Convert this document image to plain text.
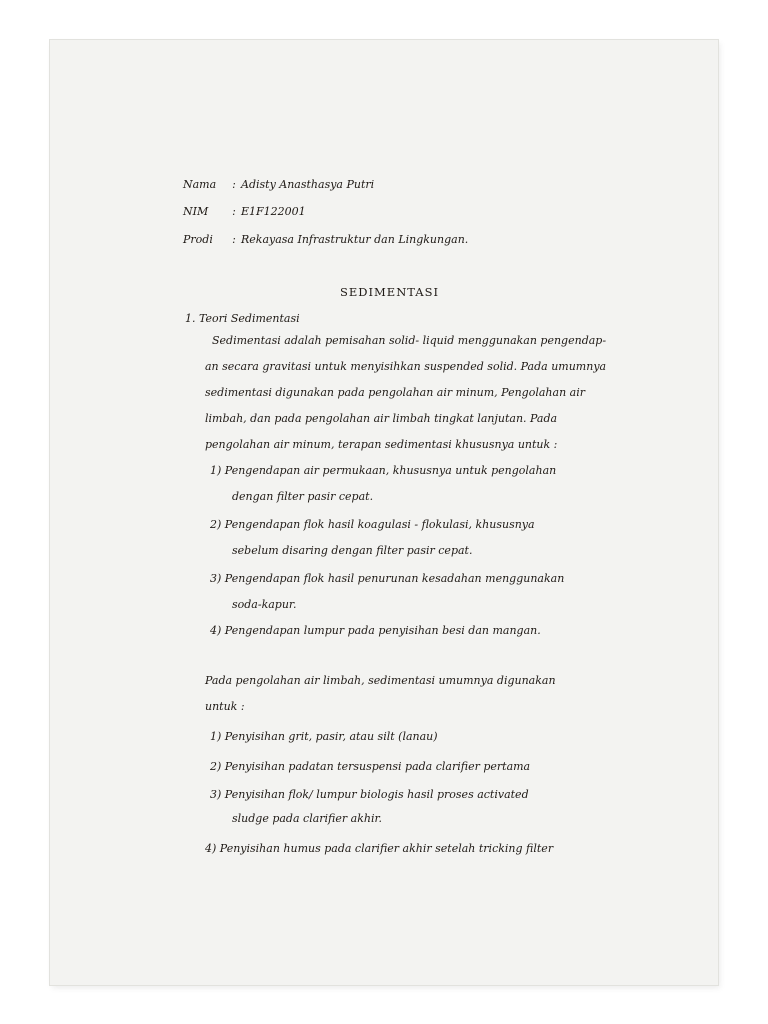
Nama : Adisty Anasthasya Putri
NIM : E1F122001
Prodi : Rekayasa Infrastruktur dan Lingkungan.
SEDIMENTASI
1. Teori Sedimentasi
Sedimentasi adalah pemisahan solid- liquid menggunakan pengendap-
an secara gravitasi untuk menyisihkan suspended solid. Pada umumnya
sedimentasi digunakan pada pengolahan air minum, Pengolahan air
limbah, dan pada pengolahan air limbah tingkat lanjutan. Pada
pengolahan air minum, terapan sedimentasi khususnya untuk :
1) Pengendapan air permukaan, khususnya untuk pengolahan
dengan filter pasir cepat.
2) Pengendapan flok hasil koagulasi - flokulasi, khususnya
sebelum disaring dengan filter pasir cepat.
3) Pengendapan flok hasil penurunan kesadahan menggunakan
soda-kapur.
4) Pengendapan lumpur pada penyisihan besi dan mangan.
Pada pengolahan air limbah, sedimentasi umumnya digunakan
untuk :
1) Penyisihan grit, pasir, atau silt (lanau)
2) Penyisihan padatan tersuspensi pada clarifier pertama
3) Penyisihan flok/ lumpur biologis hasil proses activated
sludge pada clarifier akhir.
4) Penyisihan humus pada clarifier akhir setelah tricking filter
